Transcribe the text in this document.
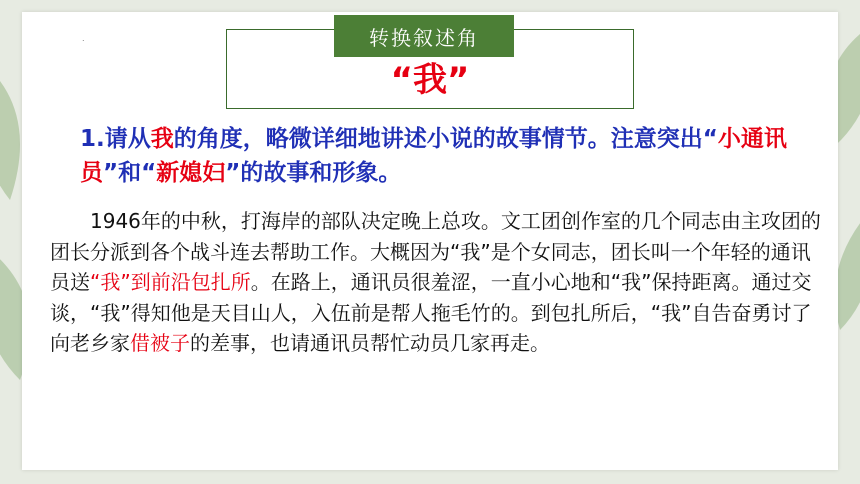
.	转换叙述角
“我”
1.请从我的角度，略微详细地讲述小说的故事情节。注意突出“小通讯员”和“新媳妇”的故事和形象。
  1946年的中秋，打海岸的部队决定晚上总攻。文工团创作室的几个同志由主攻团的团长分派到各个战斗连去帮助工作。大概因为“我”是个女同志，团长叫一个年轻的通讯员送“我”到前沿包扎所。在路上，通讯员很羞涩，一直小心地和“我”保持距离。通过交谈，“我”得知他是天目山人，入伍前是帮人拖毛竹的。到包扎所后，“我”自告奋勇讨了向老乡家借被子的差事，也请通讯员帮忙动员几家再走。
